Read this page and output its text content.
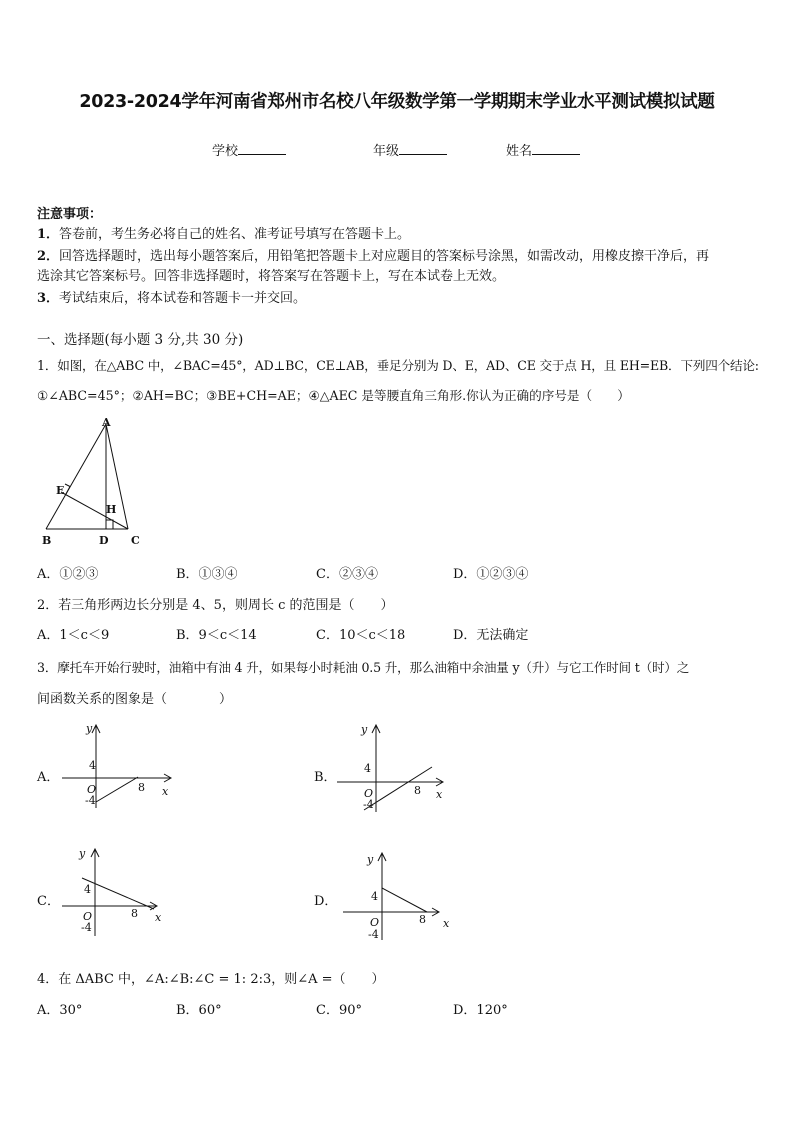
2023-2024学年河南省郑州市名校八年级数学第一学期期末学业水平测试模拟试题
学校	年级	姓名
注意事项：
1．答卷前，考生务必将自己的姓名、准考证号填写在答题卡上。
2．回答选择题时，选出每小题答案后，用铅笔把答题卡上对应题目的答案标号涂黑，如需改动，用橡皮擦干净后，再
选涂其它答案标号。回答非选择题时，将答案写在答题卡上，写在本试卷上无效。
3．考试结束后，将本试卷和答题卡一并交回。
一、选择题(每小题 3 分,共 30 分)
1．如图，在△ABC 中，∠BAC=45°，AD⊥BC，CE⊥AB，垂足分别为 D、E，AD、CE 交于点 H，且 EH=EB．下列四个结论:
①∠ABC=45°；②AH=BC；③BE+CH=AE；④△AEC 是等腰直角三角形.你认为正确的序号是（　　）
A
B	C
D
E
H
A．①②③	B．①③④	C．②③④	D．①②③④
2．若三角形两边长分别是 4、5，则周长 c 的范围是（　　）
A．1＜c＜9	B．9＜c＜14	C．10＜c＜18	D．无法确定
3．摩托车开始行驶时，油箱中有油 4 升，如果每小时耗油 0.5 升，那么油箱中余油量 y（升）与它工作时间 t（时）之
间函数关系的图象是（　　　　）
A．	B．
C．	D．
y
x
O
4
-4
8
y
x
O
4
-4
8
y
x
O
4
-4
8
y
x
O
4
-4
8
4．在 ΔABC 中，∠A:∠B:∠C = 1: 2:3，则∠A =（　　）
A．30°	B．60°	C．90°	D．120°
